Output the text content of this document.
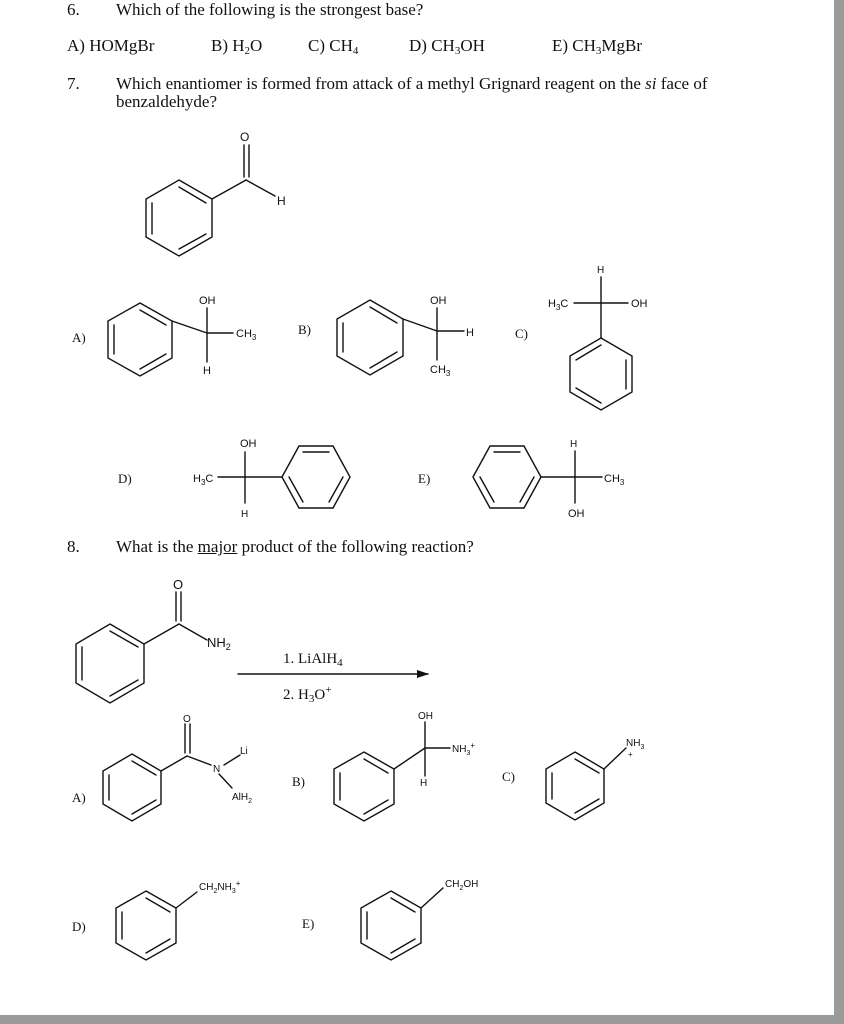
6. Which of the following is the strongest base?
A) HOMgBr	B) $H_2O$	C) $CH_4$	D) $CH_3OH$	E) $CH_3MgBr$
7. Which enantiomer is formed from attack of a methyl Grignard reagent on the si face of
benzaldehyde?
A)
B)	C)
D)	E)
8. What is the major product of the following reaction?
1. LiAlH$_4$
2. $H_3O^+$
A)
B)	C)
D)	E)
O
H
OH
H
$CH_3$
OH
H
$CH_3$
H
$H_3C$	OH
OH
$H_3C$
H
H
$CH_3$
OH
O
$NH_2$
O
N
Li
AlH$_2$
OH
H
$NH_3^+$	$NH_3$
+
$CH_2NH_3^+$	$CH_2OH$
